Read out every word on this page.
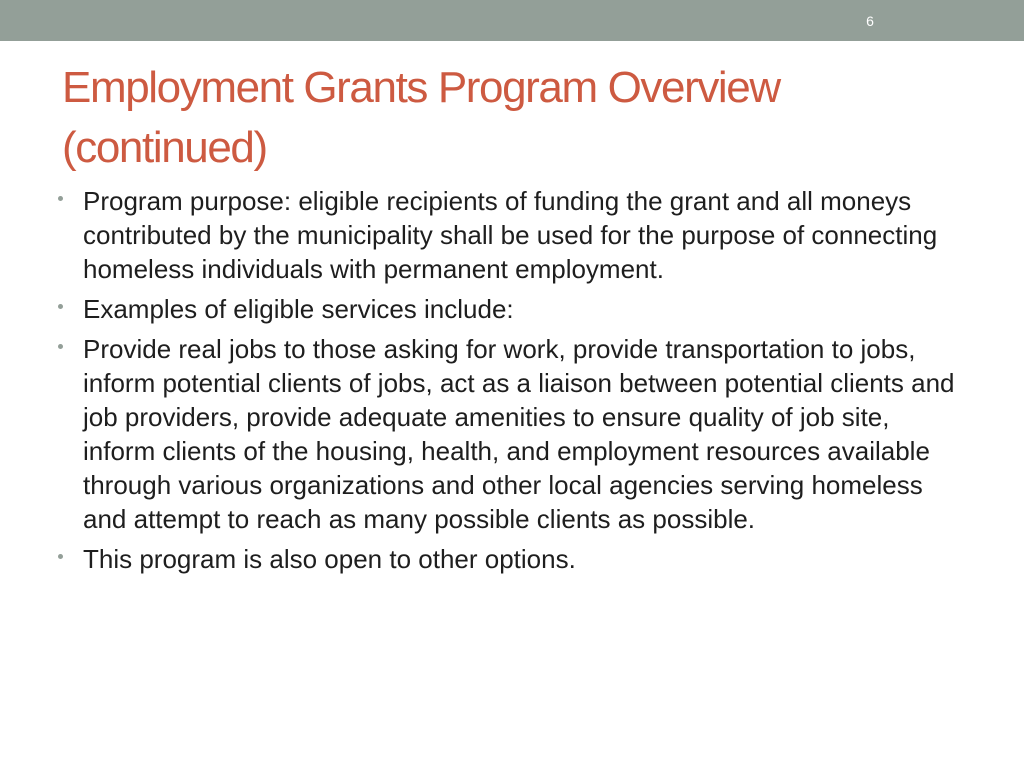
6
Employment Grants Program Overview
(continued)
Program purpose: eligible recipients of funding the grant and all moneys contributed by the municipality shall be used for the purpose of connecting homeless individuals with permanent employment.
Examples of eligible services include:
Provide real jobs to those asking for work, provide transportation to jobs, inform potential clients of jobs, act as a liaison between potential clients and job providers, provide adequate amenities to ensure quality of job site, inform clients of the housing, health, and employment resources available through various organizations and other local agencies serving homeless and attempt to reach as many possible clients as possible.
This program is also open to other options.
